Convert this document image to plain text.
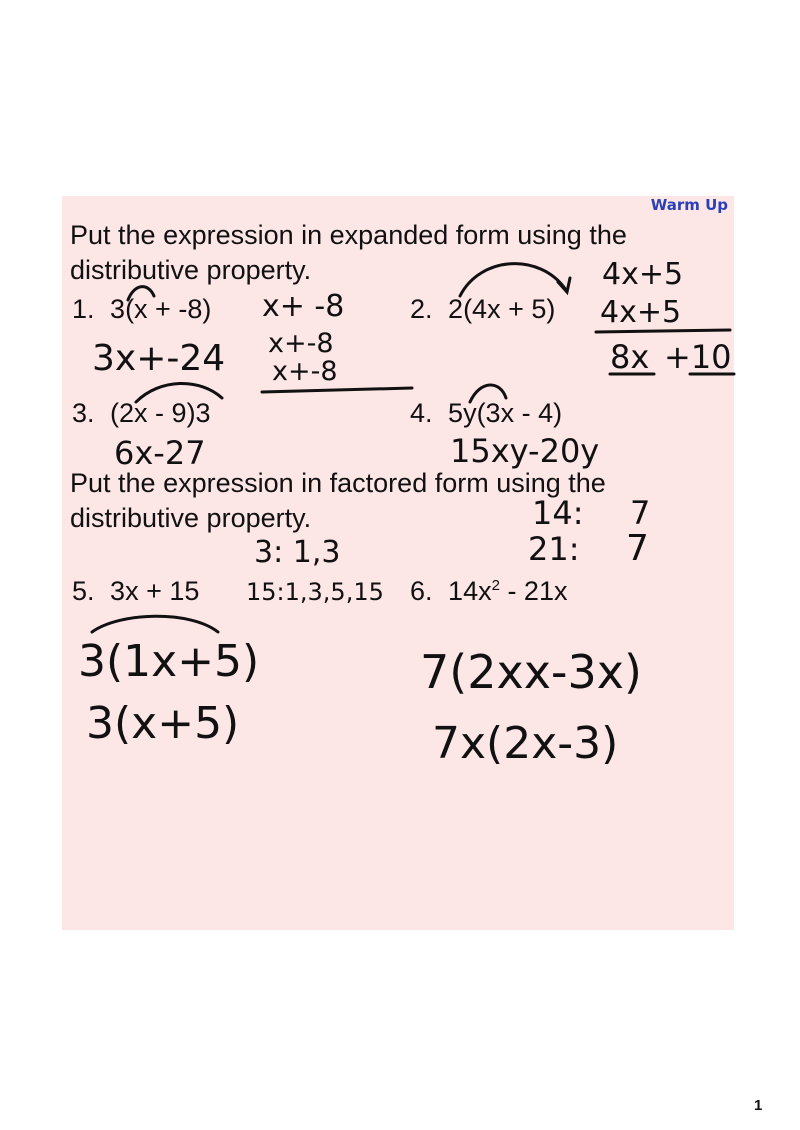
Warm Up
Put the expression in expanded form using the
distributive property.
1. 3(x + -8)	2. 2(4x + 5)
3. (2x - 9)3	4. 5y(3x - 4)
Put the expression in factored form using the
distributive property.
5. 3x + 15	6. $14x^2 - 21x$
x+ -8
3x+-24 x+-8
x+-8
4x+5
4x+5
8x +10
6x-27	15xy-20y
14: 7
21: 7
3: 1,3
15:1,3,5,15
3(1x+5)
3(x+5)
7(2xx-3x)
7x(2x-3)
1
